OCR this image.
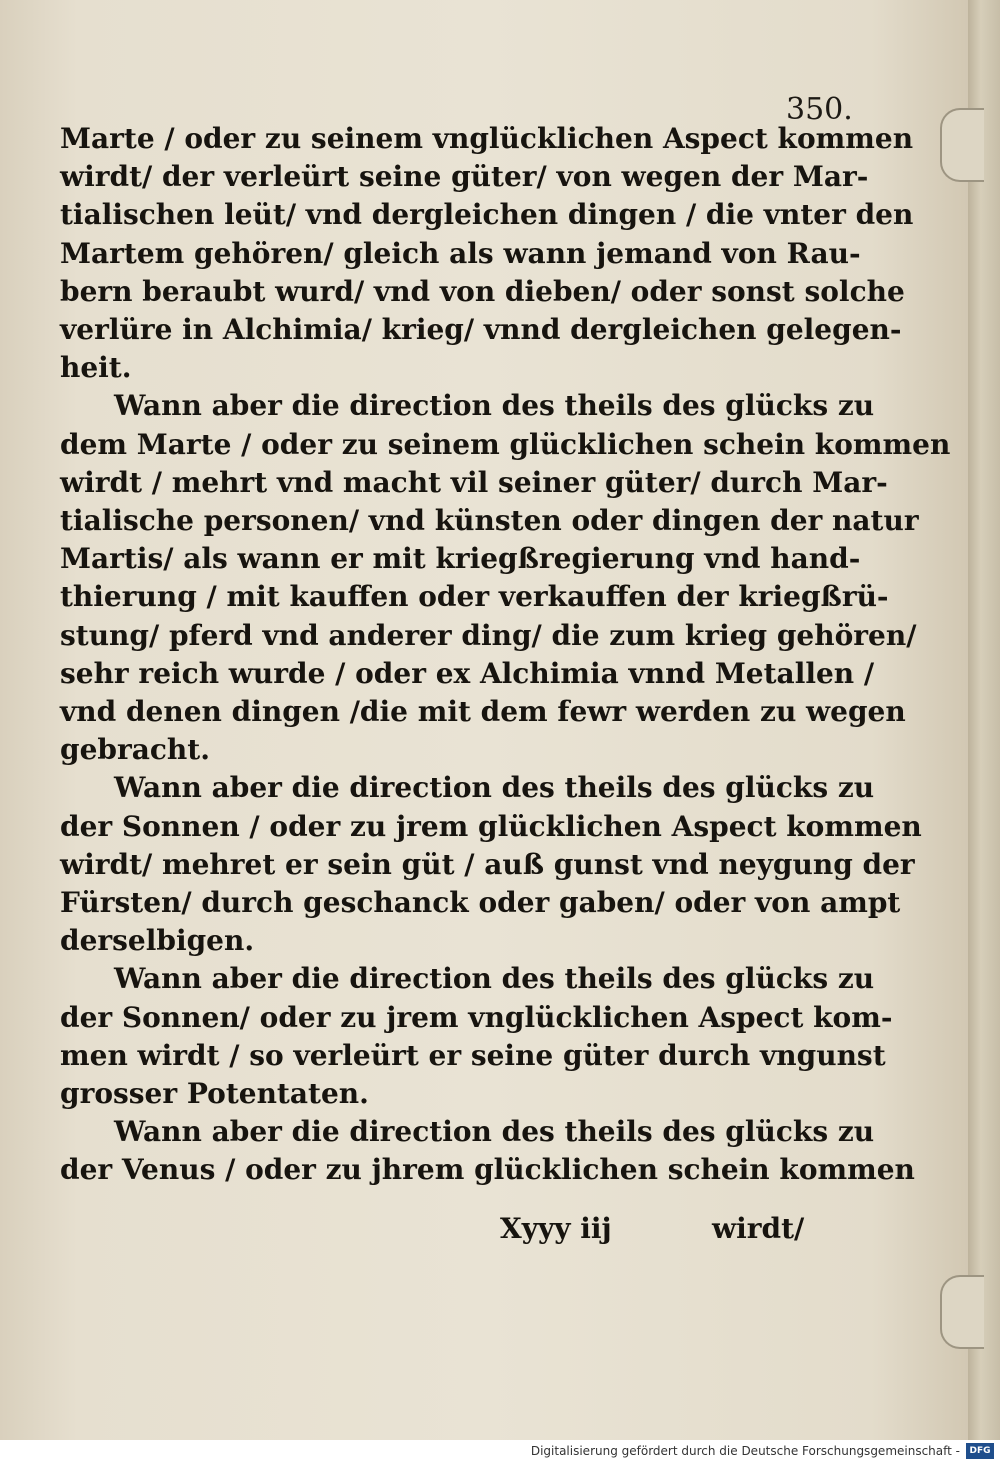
350.
Marte / oder zu seinem vnglücklichen Aspect kommen
wirdt/ der verleürt seine güter/ von wegen der Mar-
tialischen leüt/ vnd dergleichen dingen / die vnter den
Martem gehören/ gleich als wann jemand von Rau-
bern beraubt wurd/ vnd von dieben/ oder sonst solche
verlüre in Alchimia/ krieg/ vnnd dergleichen gelegen-
heit.
Wann aber die direction des theils des glücks zu
dem Marte / oder zu seinem glücklichen schein kommen
wirdt / mehrt vnd macht vil seiner güter/ durch Mar-
tialische personen/ vnd künsten oder dingen der natur
Martis/ als wann er mit kriegßregierung vnd hand-
thierung / mit kauffen oder verkauffen der kriegßrü-
stung/ pferd vnd anderer ding/ die zum krieg gehören/
sehr reich wurde / oder ex Alchimia vnnd Metallen /
vnd denen dingen /die mit dem fewr werden zu wegen
gebracht.
Wann aber die direction des theils des glücks zu
der Sonnen / oder zu jrem glücklichen Aspect kommen
wirdt/ mehret er sein güt / auß gunst vnd neygung der
Fürsten/ durch geschanck oder gaben/ oder von ampt
derselbigen.
Wann aber die direction des theils des glücks zu
der Sonnen/ oder zu jrem vnglücklichen Aspect kom-
men wirdt / so verleürt er seine güter durch vngunst
grosser Potentaten.
Wann aber die direction des theils des glücks zu
der Venus / oder zu jhrem glücklichen schein kommen
Xyyy iij	wirdt/
Digitalisierung gefördert durch die Deutsche Forschungsgemeinschaft -	DFG
